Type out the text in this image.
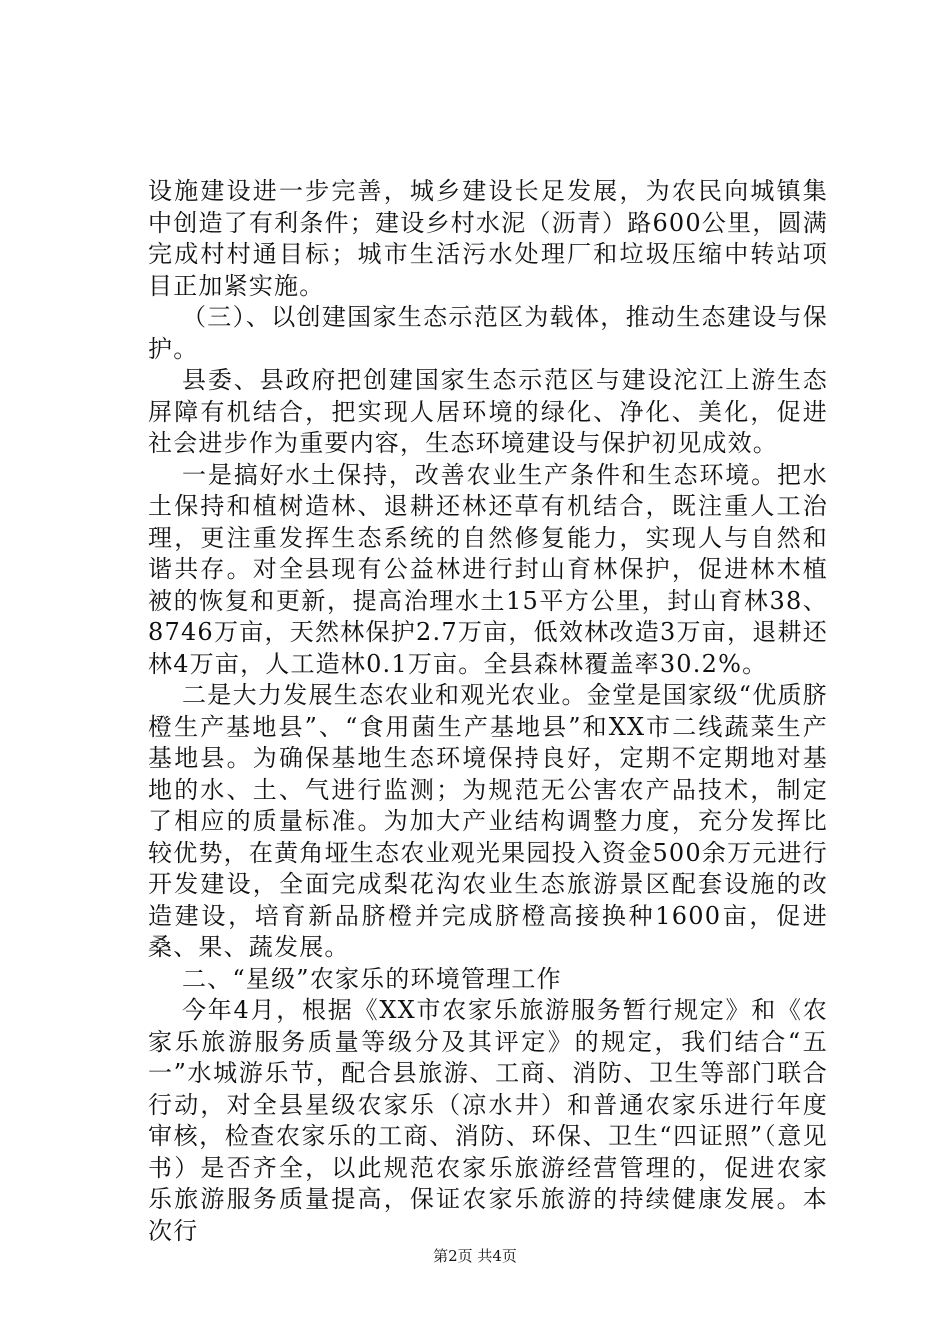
设施建设进一步完善，城乡建设长足发展，为农民向城镇集中创造了有利条件；建设乡村水泥（沥青）路600公里，圆满完成村村通目标；城市生活污水处理厂和垃圾压缩中转站项目正加紧实施。

（三）、以创建国家生态示范区为载体，推动生态建设与保护。

县委、县政府把创建国家生态示范区与建设沱江上游生态屏障有机结合，把实现人居环境的绿化、净化、美化，促进社会进步作为重要内容，生态环境建设与保护初见成效。

一是搞好水土保持，改善农业生产条件和生态环境。把水土保持和植树造林、退耕还林还草有机结合，既注重人工治理，更注重发挥生态系统的自然修复能力，实现人与自然和谐共存。对全县现有公益林进行封山育林保护，促进林木植被的恢复和更新，提高治理水土15平方公里，封山育林38、8746万亩，天然林保护2.7万亩，低效林改造3万亩，退耕还林4万亩，人工造林0.1万亩。全县森林覆盖率30.2%。

二是大力发展生态农业和观光农业。金堂是国家级“优质脐橙生产基地县”、“食用菌生产基地县”和XX市二线蔬菜生产基地县。为确保基地生态环境保持良好，定期不定期地对基地的水、土、气进行监测；为规范无公害农产品技术，制定了相应的质量标准。为加大产业结构调整力度，充分发挥比较优势，在黄角垭生态农业观光果园投入资金500余万元进行开发建设，全面完成梨花沟农业生态旅游景区配套设施的改造建设，培育新品脐橙并完成脐橙高接换种1600亩，促进桑、果、蔬发展。

二、“星级”农家乐的环境管理工作

今年4月，根据《XX市农家乐旅游服务暂行规定》和《农家乐旅游服务质量等级分及其评定》的规定，我们结合“五一”水城游乐节，配合县旅游、工商、消防、卫生等部门联合行动，对全县星级农家乐（凉水井）和普通农家乐进行年度审核，检查农家乐的工商、消防、环保、卫生“四证照”（意见书）是否齐全，以此规范农家乐旅游经营管理的，促进农家乐旅游服务质量提高，保证农家乐旅游的持续健康发展。本次行

第2页 共4页
